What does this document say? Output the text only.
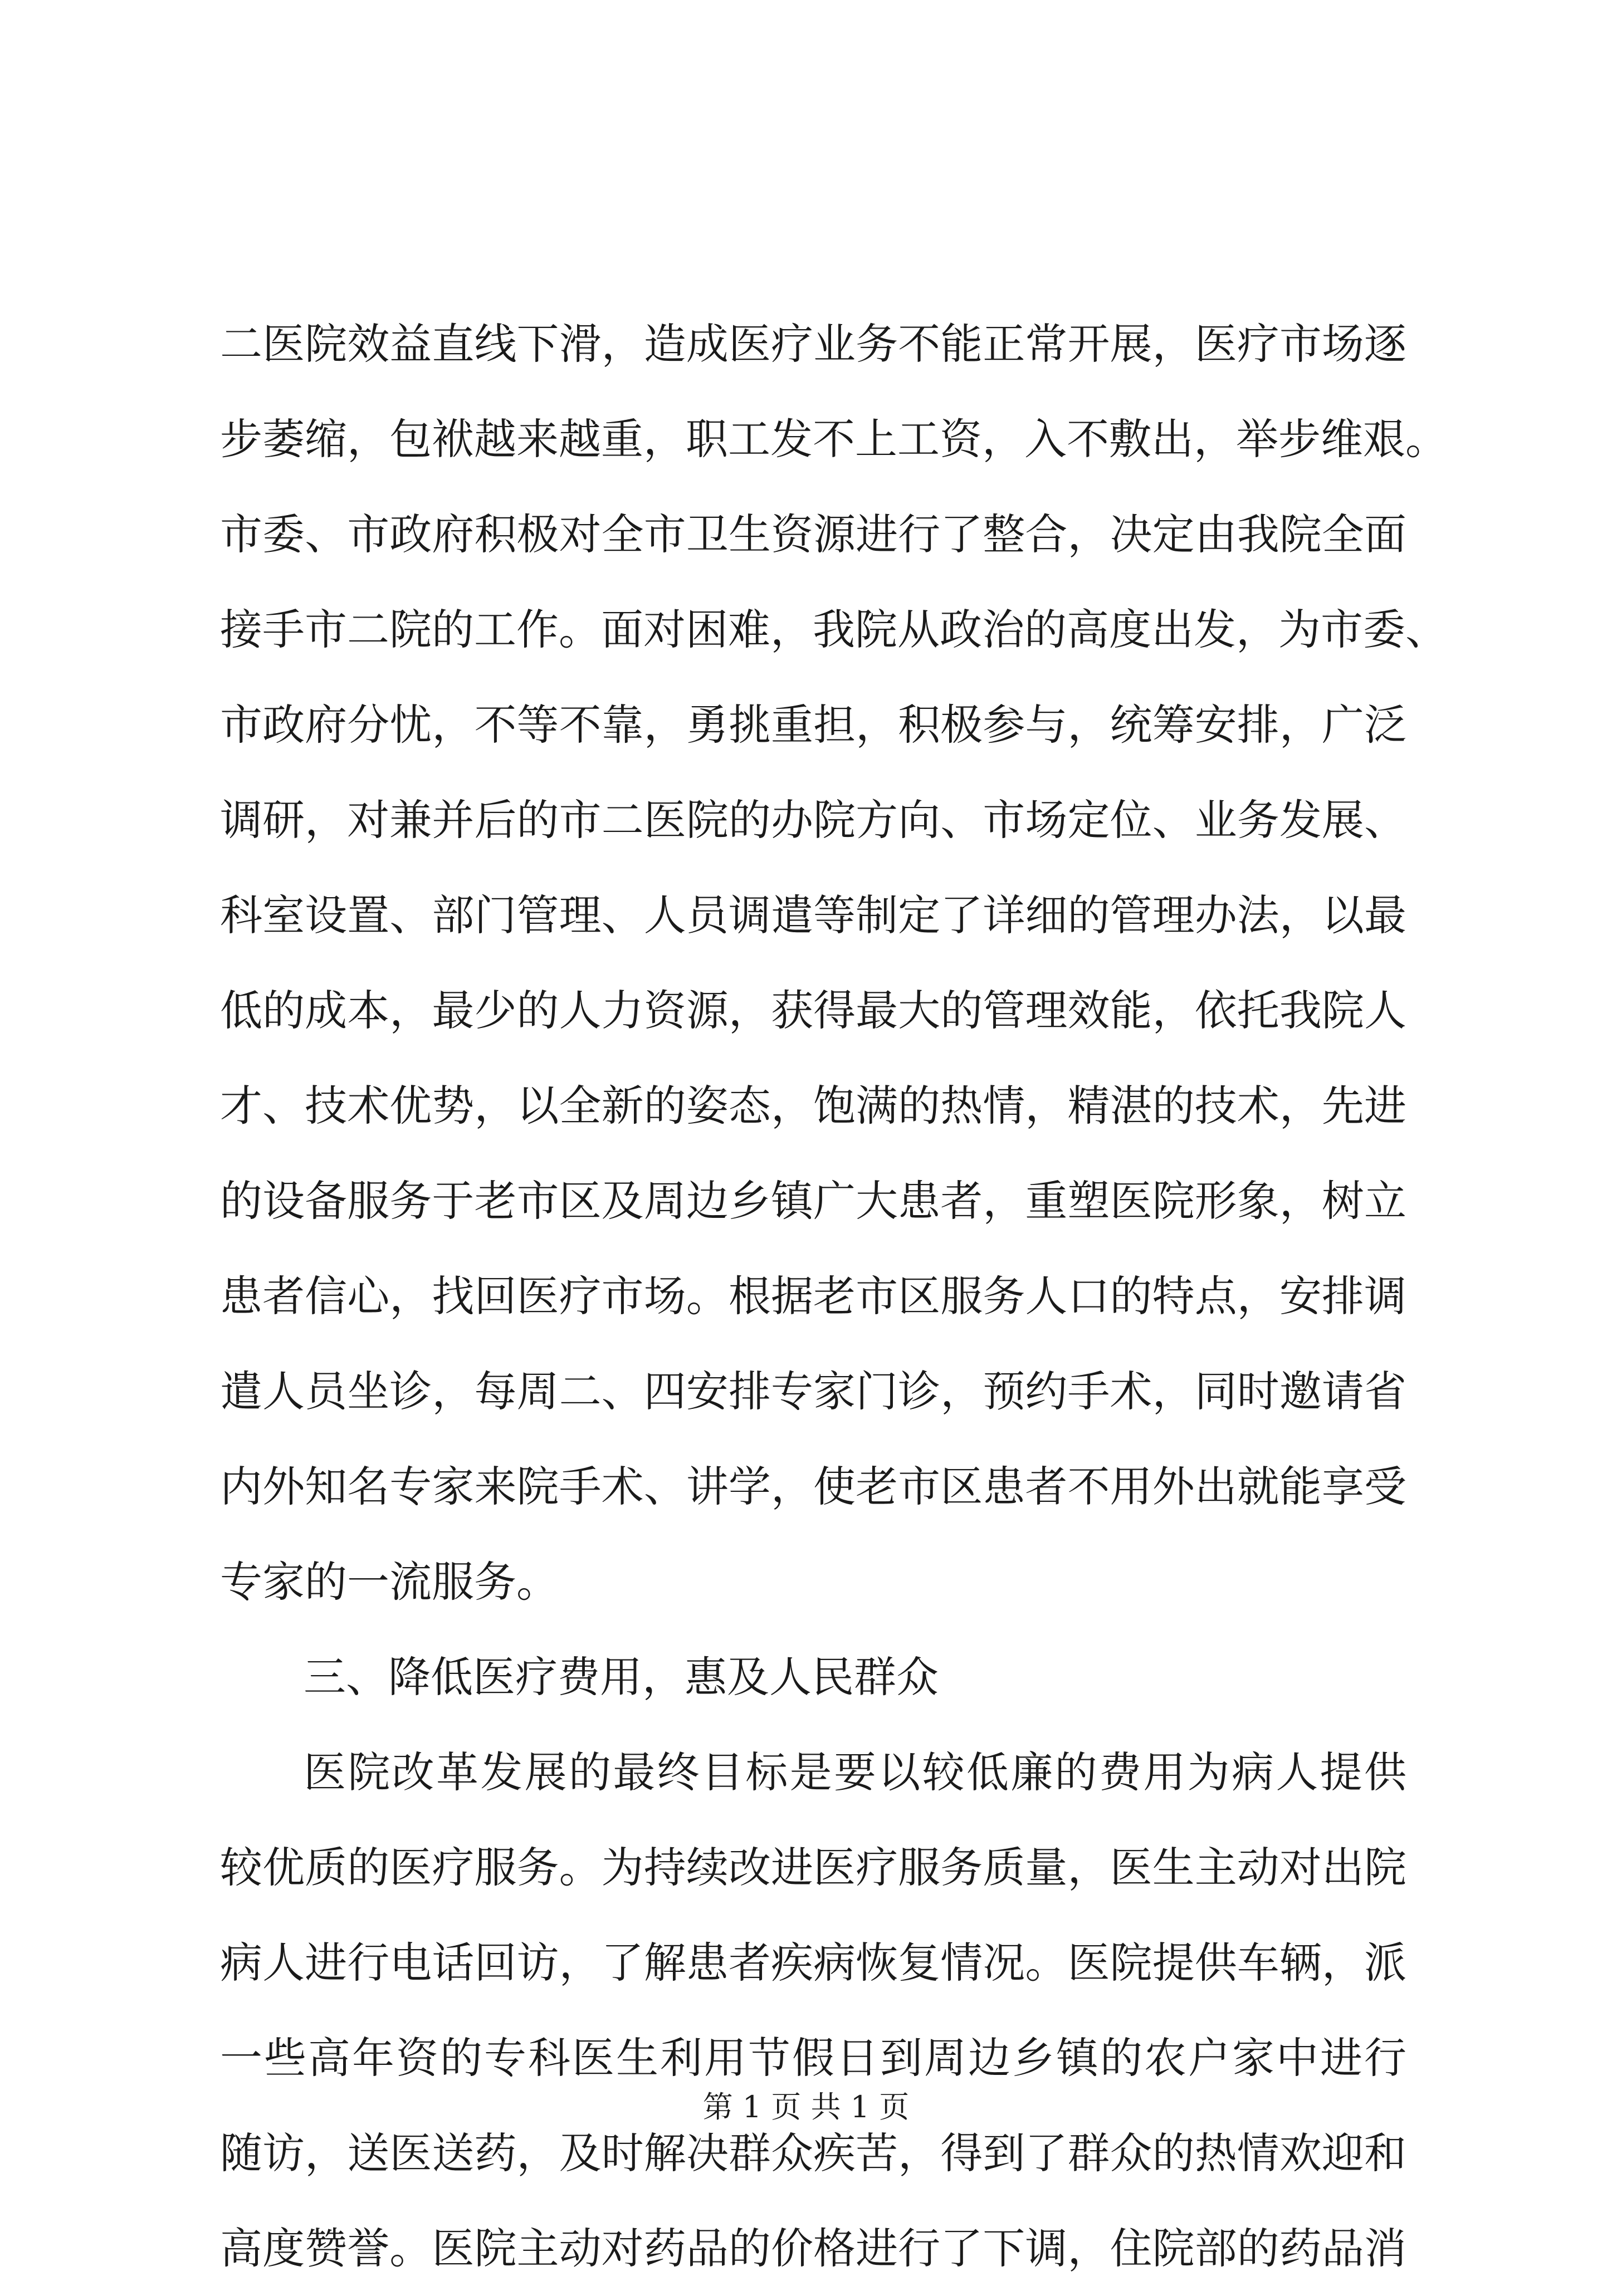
二医院效益直线下滑，造成医疗业务不能正常开展，医疗市场逐
步萎缩，包袱越来越重，职工发不上工资，入不敷出，举步维艰。
市委、市政府积极对全市卫生资源进行了整合，决定由我院全面
接手市二院的工作。面对困难，我院从政治的高度出发，为市委、
市政府分忧，不等不靠，勇挑重担，积极参与，统筹安排，广泛
调研，对兼并后的市二医院的办院方向、市场定位、业务发展、
科室设置、部门管理、人员调遣等制定了详细的管理办法，以最
低的成本，最少的人力资源，获得最大的管理效能，依托我院人
才、技术优势，以全新的姿态，饱满的热情，精湛的技术，先进
的设备服务于老市区及周边乡镇广大患者，重塑医院形象，树立
患者信心，找回医疗市场。根据老市区服务人口的特点，安排调
遣人员坐诊，每周二、四安排专家门诊，预约手术，同时邀请省
内外知名专家来院手术、讲学，使老市区患者不用外出就能享受
专家的一流服务。
三、降低医疗费用，惠及人民群众
医院改革发展的最终目标是要以较低廉的费用为病人提供
较优质的医疗服务。为持续改进医疗服务质量，医生主动对出院
病人进行电话回访，了解患者疾病恢复情况。医院提供车辆，派
一些高年资的专科医生利用节假日到周边乡镇的农户家中进行
随访，送医送药，及时解决群众疾苦，得到了群众的热情欢迎和
高度赞誉。医院主动对药品的价格进行了下调，住院部的药品消
第 1 页 共 1 页
